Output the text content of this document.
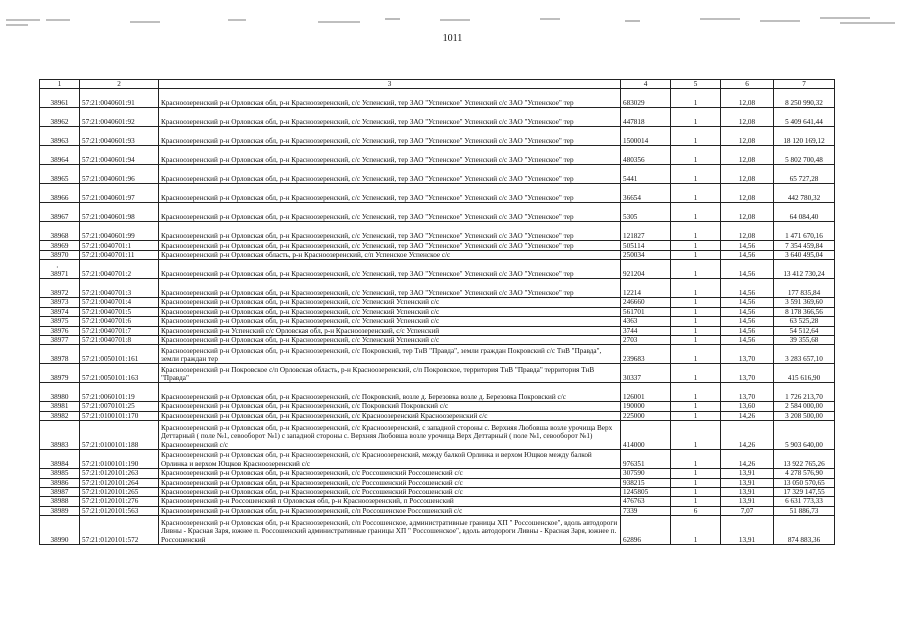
1011
1	2	3	4	5	6	7
38961	57:21:0040601:91	Красноозеренский р-н Орловская обл, р-н Красноозеренский, с/с Успенский, тер ЗАО "Успенское" Успенский с/с ЗАО "Успенское" тер	683029	1	12,08	8 250 990,32
38962	57:21:0040601:92	Красноозеренский р-н Орловская обл, р-н Красноозеренский, с/с Успенский, тер ЗАО "Успенское" Успенский с/с ЗАО "Успенское" тер	447818	1	12,08	5 409 641,44
38963	57:21:0040601:93	Красноозеренский р-н Орловская обл, р-н Красноозеренский, с/с Успенский, тер ЗАО "Успенское" Успенский с/с ЗАО "Успенское" тер	1500014	1	12,08	18 120 169,12
38964	57:21:0040601:94	Красноозеренский р-н Орловская обл, р-н Красноозеренский, с/с Успенский, тер ЗАО "Успенское" Успенский с/с ЗАО "Успенское" тер	480356	1	12,08	5 802 700,48
38965	57:21:0040601:96	Красноозеренский р-н Орловская обл, р-н Красноозеренский, с/с Успенский, тер ЗАО "Успенское" Успенский с/с ЗАО "Успенское" тер	5441	1	12,08	65 727,28
38966	57:21:0040601:97	Красноозеренский р-н Орловская обл, р-н Красноозеренский, с/с Успенский, тер ЗАО "Успенское" Успенский с/с ЗАО "Успенское" тер	36654	1	12,08	442 780,32
38967	57:21:0040601:98	Красноозеренский р-н Орловская обл, р-н Красноозеренский, с/с Успенский, тер ЗАО "Успенское" Успенский с/с ЗАО "Успенское" тер	5305	1	12,08	64 084,40
38968	57:21:0040601:99	Красноозеренский р-н Орловская обл, р-н Красноозеренский, с/с Успенский, тер ЗАО "Успенское" Успенский с/с ЗАО "Успенское" тер	121827	1	12,08	1 471 670,16
38969	57:21:0040701:1	Красноозеренский р-н Орловская обл, р-н Красноозеренский, с/с Успенский, тер ЗАО "Успенское" Успенский с/с ЗАО "Успенское" тер	505114	1	14,56	7 354 459,84
38970	57:21:0040701:11	Красноозеренский р-н Орловская область, р-н Красноозеренский, с/п Успенское Успенское с/с	250034	1	14,56	3 640 495,04
38971	57:21:0040701:2	Красноозеренский р-н Орловская обл, р-н Красноозеренский, с/с Успенский, тер ЗАО "Успенское" Успенский с/с ЗАО "Успенское" тер	921204	1	14,56	13 412 730,24
38972	57:21:0040701:3	Красноозеренский р-н Орловская обл, р-н Красноозеренский, с/с Успенский, тер ЗАО "Успенское" Успенский с/с ЗАО "Успенское" тер	12214	1	14,56	177 835,84
38973	57:21:0040701:4	Красноозеренский р-н Орловская обл, р-н Красноозеренский, с/с Успенский Успенский с/с	246660	1	14,56	3 591 369,60
38974	57:21:0040701:5	Красноозеренский р-н Орловская обл, р-н Красноозеренский, с/с Успенский Успенский с/с	561701	1	14,56	8 178 366,56
38975	57:21:0040701:6	Красноозеренский р-н Орловская обл, р-н Красноозеренский, с/с Успенский Успенский с/с	4363	1	14,56	63 525,28
38976	57:21:0040701:7	Красноозеренский р-н Успенский с/с Орловская обл, р-н Красноозеренский, с/с Успенский	3744	1	14,56	54 512,64
38977	57:21:0040701:8	Красноозеренский р-н Орловская обл, р-н Красноозеренский, с/с Успенский Успенский с/с	2703	1	14,56	39 355,68
38978	57:21:0050101:161	Красноозеренский р-н Орловская обл, р-н Красноозеренский, с/с Покровский, тер ТнВ "Правда", земли граждан Покровский с/с ТнВ "Правда", земли граждан тер	239683	1	13,70	3 283 657,10
38979	57:21:0050101:163	Красноозеренский р-н Покровское с/п Орловская область, р-н Красноозеренский, с/п Покровское, территория ТнВ "Правда" территория ТнВ "Правда"	30337	1	13,70	415 616,90
38980	57:21:0060101:19	Красноозеренский р-н Орловская обл, р-н Красноозеренский, с/с Покровский, возле д. Березовка возле д. Березовка Покровский с/с	126001	1	13,70	1 726 213,70
38981	57:21:0070101:25	Красноозеренский р-н Орловская обл, р-н Красноозеренский, с/с Покровский Покровский с/с	190000	1	13,60	2 584 000,00
38982	57:21:0100101:170	Красноозеренский р-н Орловская обл, р-н Красноозеренский, с/с Красноозеренский Красноозеренский с/с	225000	1	14,26	3 208 500,00
38983	57:21:0100101:188	Красноозеренский р-н Орловская обл, р-н Красноозеренский, с/с Красноозеренский, с западной стороны с. Верхняя Любовша возле урочища Верх Деттарный ( поле №1, севооборот №1) с западной стороны с. Верхняя Любовша возле урочища Верх Деттарный ( поле №1, севооборот №1) Красноозеренский с/с	414000	1	14,26	5 903 640,00
38984	57:21:0100101:190	Красноозеренский р-н Орловская обл, р-н Красноозеренский, с/с Красноозеренский, между балкой Орлинка и верхом Ющков между балкой Орлинка и верхом Ющков Красноозеренский с/с	976351	1	14,26	13 922 765,26
38985	57:21:0120101:263	Красноозеренский р-н Орловская обл, р-н Красноозеренский, с/с Россошенский Россошенский с/с	307590	1	13,91	4 278 576,90
38986	57:21:0120101:264	Красноозеренский р-н Орловская обл, р-н Красноозеренский, с/с Россошенский Россошенский с/с	938215	1	13,91	13 050 570,65
38987	57:21:0120101:265	Красноозеренский р-н Орловская обл, р-н Красноозеренский, с/с Россошенский Россошенский с/с	1245805	1	13,91	17 329 147,55
38988	57:21:0120101:276	Красноозеренский р-н Россошенский п Орловская обл, р-н Красноозеренский, п Россошенский	476763	1	13,91	6 631 773,33
38989	57:21:0120101:563	Красноозеренский р-н Орловская обл, р-н Красноозеренский, с/п Россошенское Россошенский с/с	7339	6	7,07	51 886,73
38990	57:21:0120101:572	Красноозеренский р-н Орловская обл, р-н Красноозеренский, с/п Россошенское, административные границы ХП " Россошенское", вдоль автодороги Ливны - Красная Заря, южнее п. Россошенский административные границы ХП " Россошенское", вдоль автодороги Ливны - Красная Заря, южнее п. Россошенский	62896	1	13,91	874 883,36
·
